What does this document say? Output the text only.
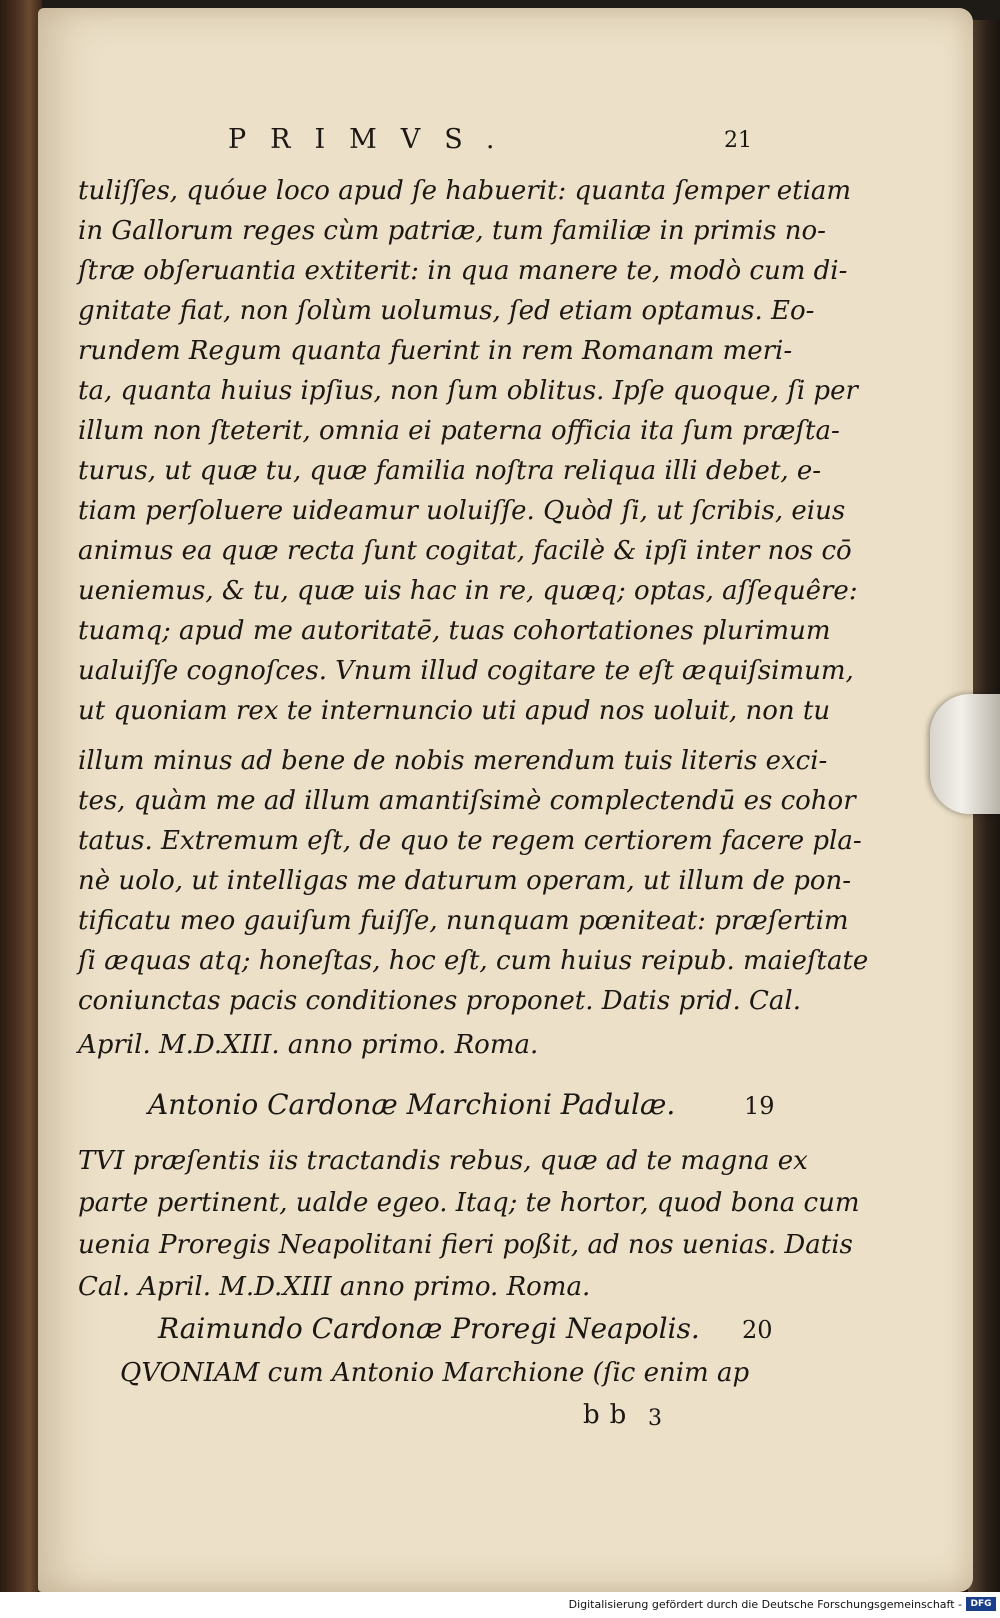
PRIMVS.	21
tuliſſes, quóue loco apud ſe habuerit: quanta ſemper etiam
in Gallorum reges cùm patriæ, tum familiæ in primis no-
ſtræ obſeruantia extiterit: in qua manere te, modò cum di-
gnitate fiat, non ſolùm uolumus, ſed etiam optamus. Eo-
rundem Regum quanta fuerint in rem Romanam meri-
ta, quanta huius ipſius, non ſum oblitus. Ipſe quoque, ſi per
illum non ſteterit, omnia ei paterna officia ita ſum præſta-
turus, ut quæ tu, quæ familia noſtra reliqua illi debet, e-
tiam perſoluere uideamur uoluiſſe. Quòd ſi, ut ſcribis, eius
animus ea quæ recta ſunt cogitat, facilè & ipſi inter nos cō
ueniemus, & tu, quæ uis hac in re, quæq; optas, aſſequêre:
tuamq; apud me autoritatē, tuas cohortationes plurimum
ualuiſſe cognoſces. Vnum illud cogitare te eſt æquiſsimum,
ut quoniam rex te internuncio uti apud nos uoluit, non tu
illum minus ad bene de nobis merendum tuis literis exci-
tes, quàm me ad illum amantiſsimè complectendū es cohor
tatus. Extremum eſt, de quo te regem certiorem facere pla-
nè uolo, ut intelligas me daturum operam, ut illum de pon-
tificatu meo gauiſum fuiſſe, nunquam pœniteat: præſertim
ſi æquas atq; honeſtas, hoc eſt, cum huius reipub. maieſtate
coniunctas pacis conditiones proponet. Datis prid. Cal.
April. M.D.XIII. anno primo. Roma.
Antonio Cardonæ Marchioni Padulæ.	19
TVI præſentis iis tractandis rebus, quæ ad te magna ex
parte pertinent, ualde egeo. Itaq; te hortor, quod bona cum
uenia Proregis Neapolitani fieri poßit, ad nos uenias. Datis
Cal. April. M.D.XIII anno primo. Roma.
Raimundo Cardonæ Proregi Neapolis. 20
QVONIAM cum Antonio Marchione (ſic enim ap
bb 3
Digitalisierung gefördert durch die Deutsche Forschungsgemeinschaft - DFG
